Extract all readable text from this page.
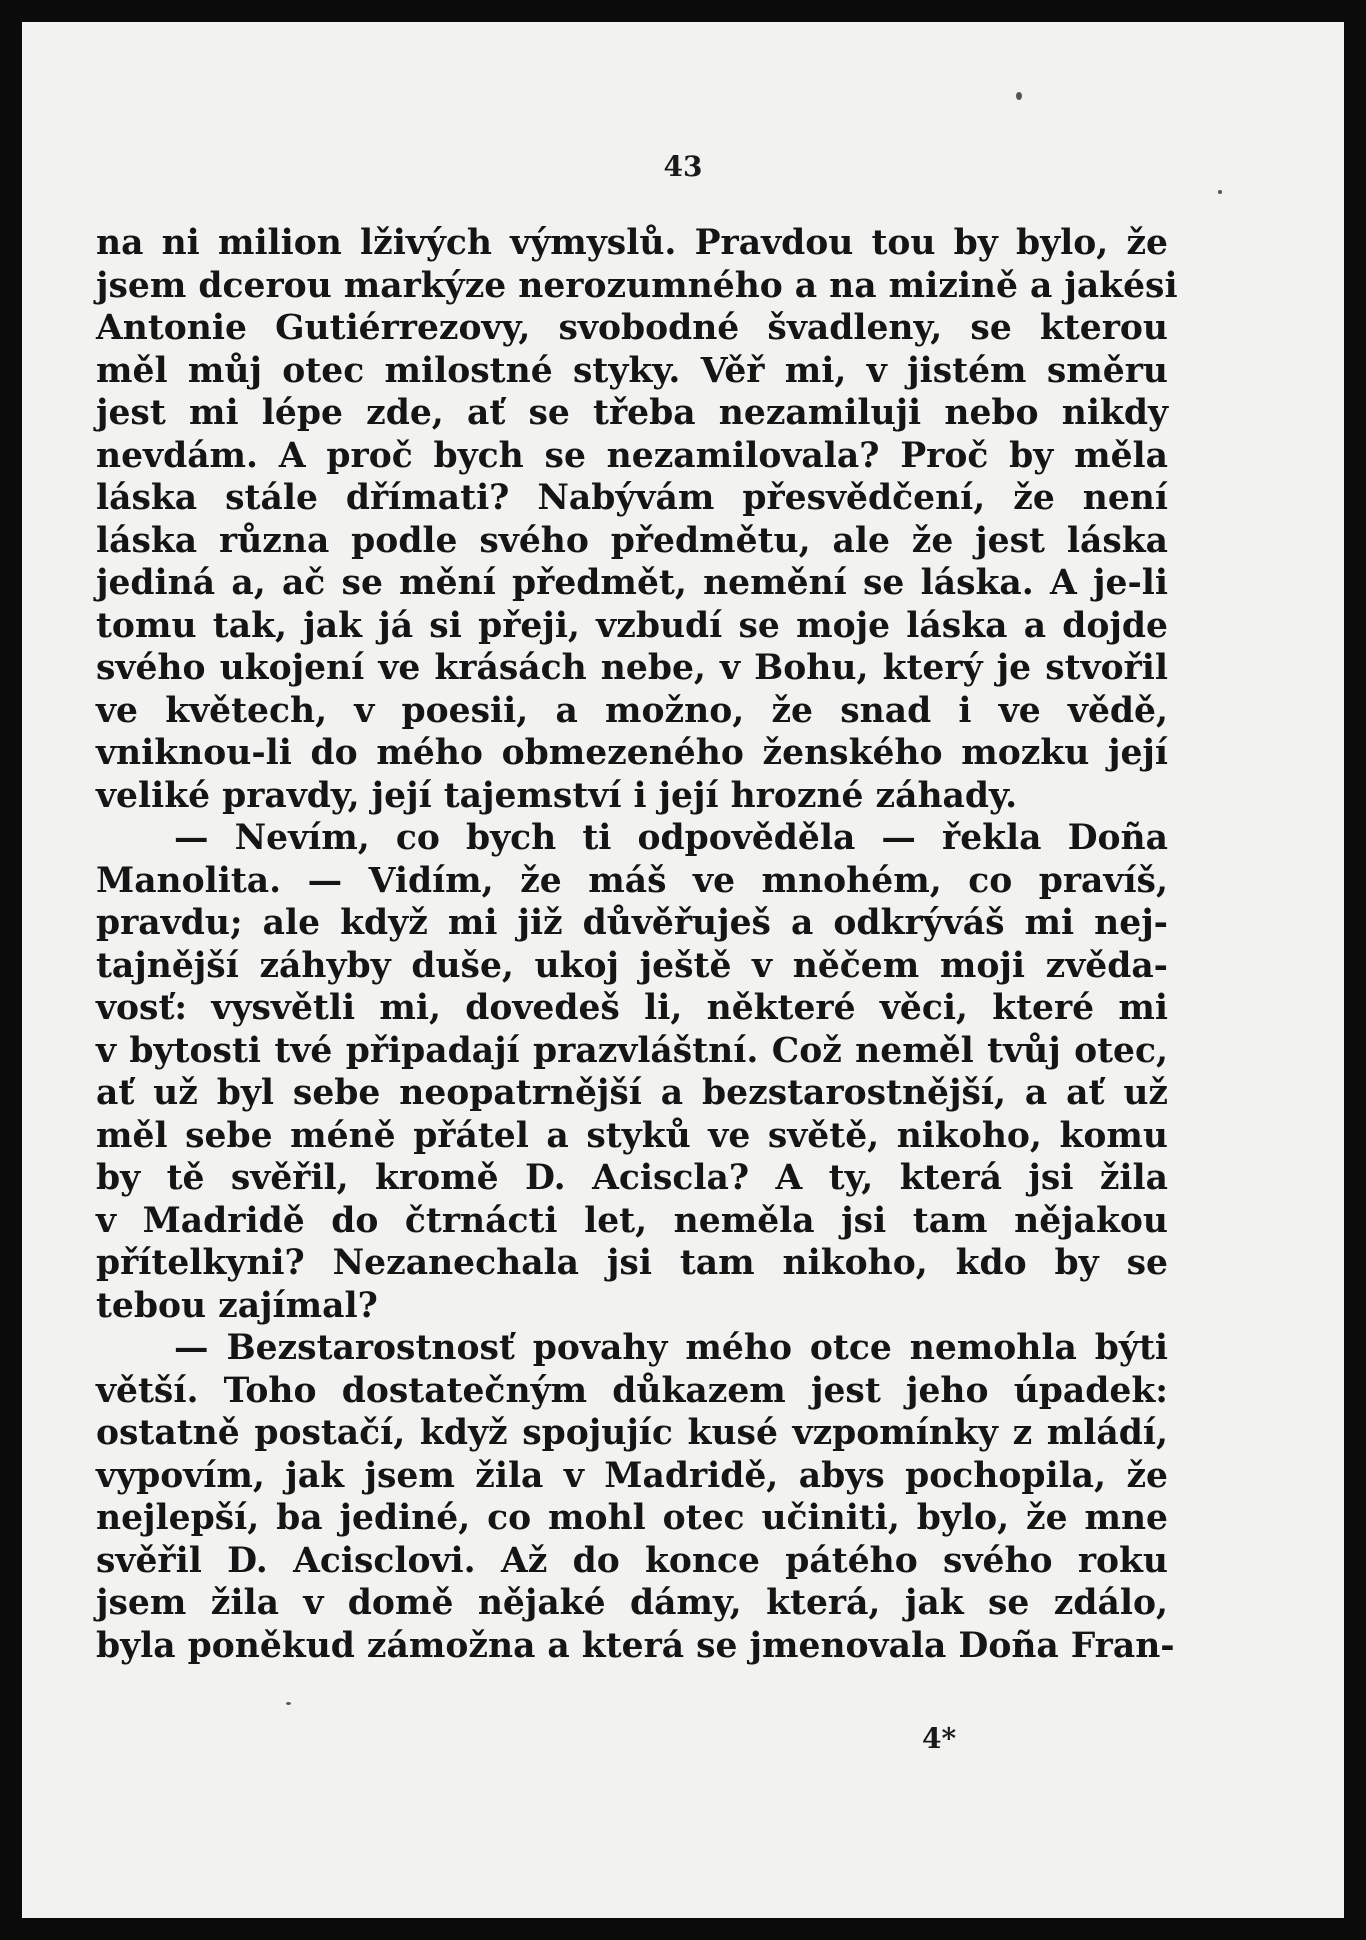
43
na ni milion lživých výmyslů. Pravdou tou by bylo, že
jsem dcerou markýze nerozumného a na mizině a jakési
Antonie Gutiérrezovy, svobodné švadleny, se kterou
měl můj otec milostné styky. Věř mi, v jistém směru
jest mi lépe zde, ať se třeba nezamiluji nebo nikdy
nevdám. A proč bych se nezamilovala? Proč by měla
láska stále dřímati? Nabývám přesvědčení, že není
láska různa podle svého předmětu, ale že jest láska
jediná a, ač se mění předmět, nemění se láska. A je-li
tomu tak, jak já si přeji, vzbudí se moje láska a dojde
svého ukojení ve krásách nebe, v Bohu, který je stvořil
ve květech, v poesii, a možno, že snad i ve vědě,
vniknou-li do mého obmezeného ženského mozku její
veliké pravdy, její tajemství i její hrozné záhady.
— Nevím, co bych ti odpověděla — řekla Doña
Manolita. — Vidím, že máš ve mnohém, co pravíš,
pravdu; ale když mi již důvěřuješ a odkrýváš mi nej-
tajnější záhyby duše, ukoj ještě v něčem moji zvěda-
vosť: vysvětli mi, dovedeš li, některé věci, které mi
v bytosti tvé připadají prazvláštní. Což neměl tvůj otec,
ať už byl sebe neopatrnější a bezstarostnější, a ať už
měl sebe méně přátel a styků ve světě, nikoho, komu
by tě svěřil, kromě D. Aciscla? A ty, která jsi žila
v Madridě do čtrnácti let, neměla jsi tam nějakou
přítelkyni? Nezanechala jsi tam nikoho, kdo by se
tebou zajímal?
— Bezstarostnosť povahy mého otce nemohla býti
větší. Toho dostatečným důkazem jest jeho úpadek:
ostatně postačí, když spojujíc kusé vzpomínky z mládí,
vypovím, jak jsem žila v Madridě, abys pochopila, že
nejlepší, ba jediné, co mohl otec učiniti, bylo, že mne
svěřil D. Acisclovi. Až do konce pátého svého roku
jsem žila v domě nějaké dámy, která, jak se zdálo,
byla poněkud zámožna a která se jmenovala Doña Fran-
4*
